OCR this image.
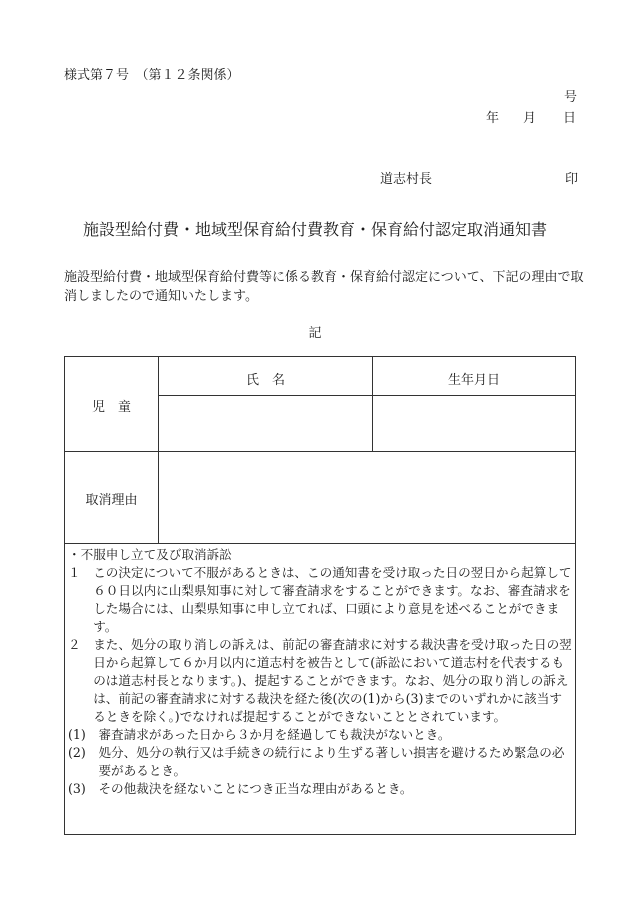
様式第７号　（第１２条関係）
号
年 月 日
道志村長	印
施設型給付費・地域型保育給付費教育・保育給付認定取消通知書
施設型給付費・地域型保育給付費等に係る教育・保育給付認定について、下記の理由で取消しましたので通知いたします。
記
児　童
氏　名	生年月日
取消理由
・不服申し立て及び取消訴訟
１　 この決定について不服があるときは、この通知書を受け取った日の翌日から起算して６０日以内に山梨県知事に対して審査請求をすることができます。なお、審査請求をした場合には、山梨県知事に申し立てれば、口頭により意見を述べることができます。
２　 また、処分の取り消しの訴えは、前記の審査請求に対する裁決書を受け取った日の翌日から起算して６か月以内に道志村を被告として(訴訟において道志村を代表するものは道志村長となります。)、提起することができます。なお、処分の取り消しの訴えは、前記の審査請求に対する裁決を経た後(次の(1)から(3)までのいずれかに該当するときを除く。)でなければ提起することができないこととされています。
(1)　 審査請求があった日から３か月を経過しても裁決がないとき。
(2)　 処分、処分の執行又は手続きの続行により生ずる著しい損害を避けるため緊急の必要があるとき。
(3)　 その他裁決を経ないことにつき正当な理由があるとき。
